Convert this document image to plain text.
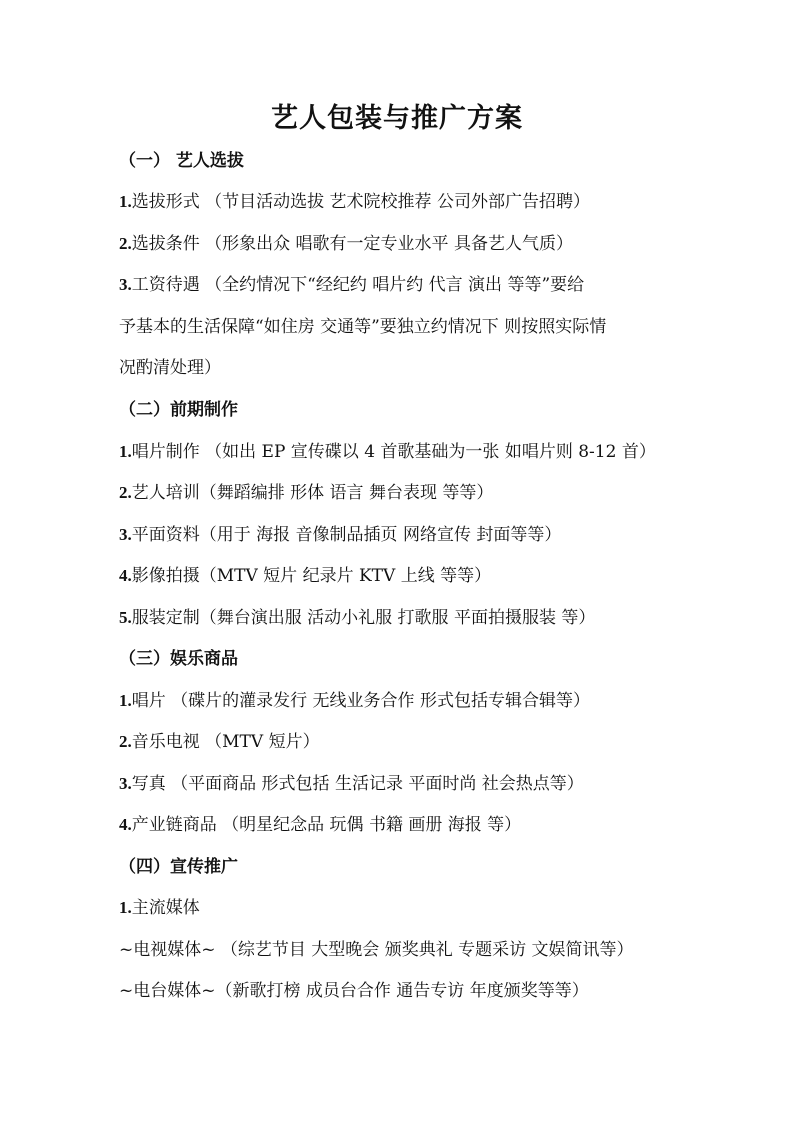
艺人包装与推广方案
（一） 艺人选拔
1.选拔形式 （节目活动选拔 艺术院校推荐 公司外部广告招聘）
2.选拔条件 （形象出众 唱歌有一定专业水平 具备艺人气质）
3.工资待遇 （全约情况下“经纪约 唱片约 代言 演出 等等”要给
予基本的生活保障“如住房 交通等”要独立约情况下 则按照实际情
况酌清处理）
（二）前期制作
1.唱片制作 （如出 EP 宣传碟以 4 首歌基础为一张 如唱片则 8-12 首）
2.艺人培训（舞蹈编排 形体 语言 舞台表现 等等）
3.平面资料（用于 海报 音像制品插页 网络宣传 封面等等）
4.影像拍摄（MTV 短片 纪录片 KTV 上线 等等）
5.服装定制（舞台演出服 活动小礼服 打歌服 平面拍摄服装 等）
（三）娱乐商品
1.唱片 （碟片的灌录发行 无线业务合作 形式包括专辑合辑等）
2.音乐电视 （MTV 短片）
3.写真 （平面商品 形式包括 生活记录 平面时尚 社会热点等）
4.产业链商品 （明星纪念品 玩偶 书籍 画册 海报 等）
（四）宣传推广
1.主流媒体
~电视媒体~ （综艺节目 大型晚会 颁奖典礼 专题采访 文娱简讯等）
~电台媒体~（新歌打榜 成员台合作 通告专访 年度颁奖等等）
